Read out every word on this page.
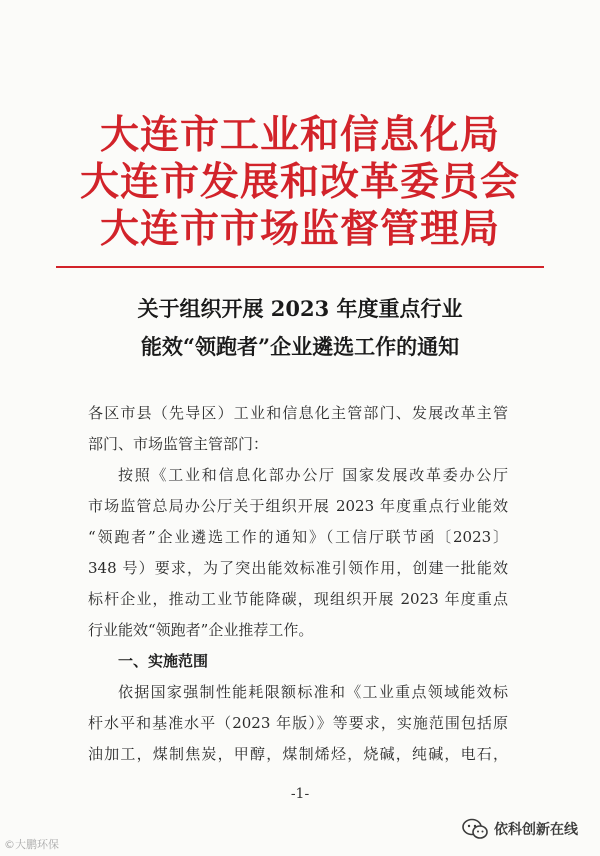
大连市工业和信息化局
大连市发展和改革委员会
大连市市场监督管理局
关于组织开展 2023 年度重点行业
能效“领跑者”企业遴选工作的通知
各区市县（先导区）工业和信息化主管部门、发展改革主管
部门、市场监管主管部门：
按照《工业和信息化部办公厅 国家发展改革委办公厅
市场监管总局办公厅关于组织开展 2023 年度重点行业能效
“领跑者”企业遴选工作的通知》（工信厅联节函〔2023〕
348 号）要求，为了突出能效标准引领作用，创建一批能效
标杆企业，推动工业节能降碳，现组织开展 2023 年度重点
行业能效“领跑者”企业推荐工作。
一、实施范围
依据国家强制性能耗限额标准和《工业重点领域能效标
杆水平和基准水平（2023 年版）》等要求，实施范围包括原
油加工，煤制焦炭，甲醇，煤制烯烃，烧碱，纯碱，电石，
-1-
©大鹏环保
依科创新在线
